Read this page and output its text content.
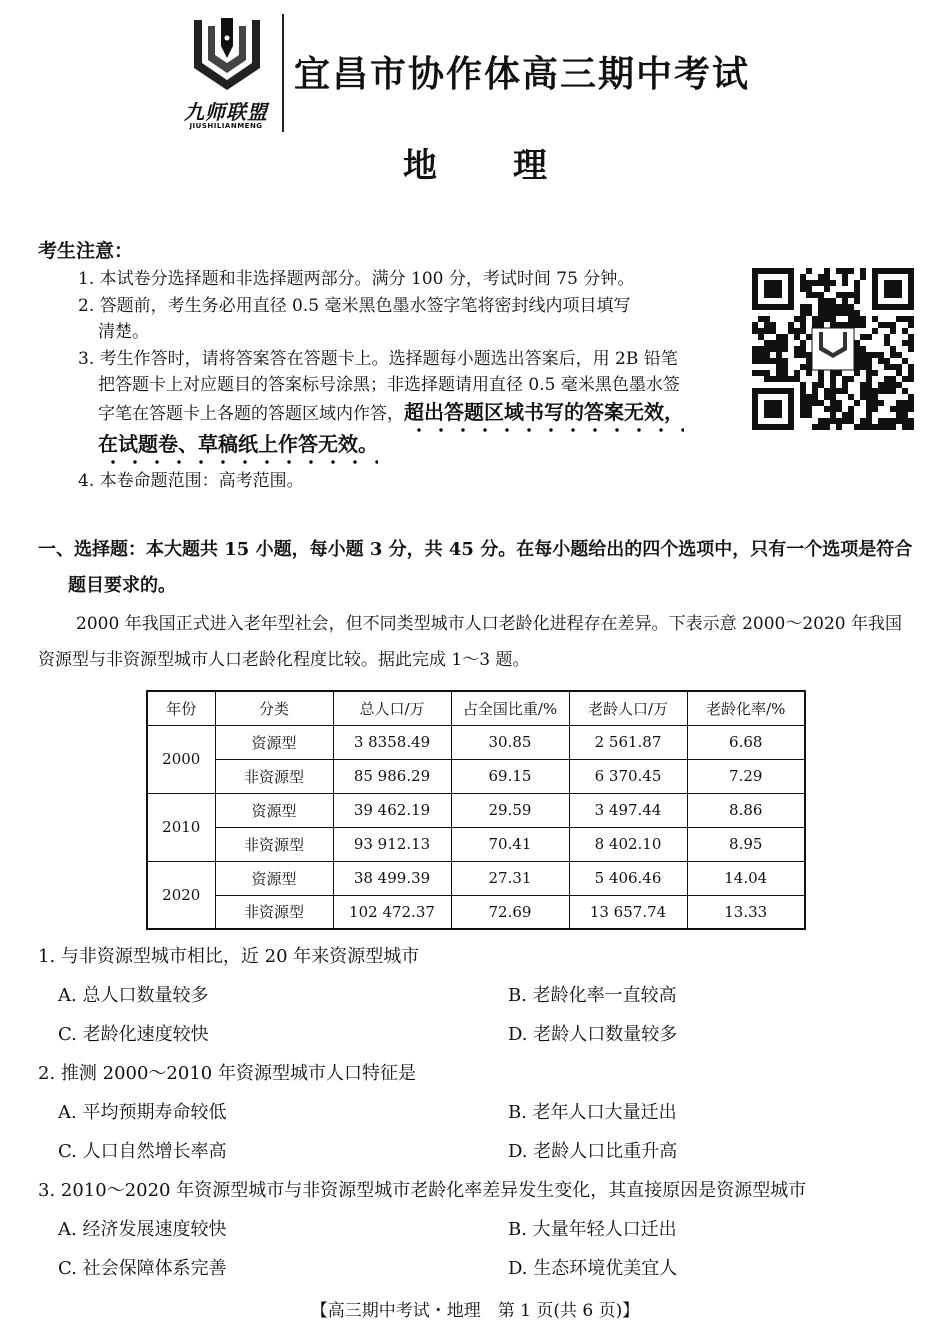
九师联盟
JIUSHILIANMENG
宜昌市协作体高三期中考试
地 理
考生注意：
1. 本试卷分选择题和非选择题两部分。满分 100 分，考试时间 75 分钟。
2. 答题前，考生务必用直径 0.5 毫米黑色墨水签字笔将密封线内项目填写
清楚。
3. 考生作答时，请将答案答在答题卡上。选择题每小题选出答案后，用 2B 铅笔
把答题卡上对应题目的答案标号涂黑；非选择题请用直径 0.5 毫米黑色墨水签
字笔在答题卡上各题的答题区域内作答，超出答题区域书写的答案无效，
在试题卷、草稿纸上作答无效。
4. 本卷命题范围：高考范围。
一、选择题：本大题共 15 小题，每小题 3 分，共 45 分。在每小题给出的四个选项中，只有一个选项是符合
题目要求的。
2000 年我国正式进入老年型社会，但不同类型城市人口老龄化进程存在差异。下表示意 2000～2020 年我国资源型与非资源型城市人口老龄化程度比较。据此完成 1～3 题。
年份	分类	总人口/万	占全国比重/%	老龄人口/万	老龄化率/%
2000	资源型	3 8358.49	30.85	2 561.87	6.68
	非资源型	85 986.29	69.15	6 370.45	7.29
2010	资源型	39 462.19	29.59	3 497.44	8.86
	非资源型	93 912.13	70.41	8 402.10	8.95
2020	资源型	38 499.39	27.31	5 406.46	14.04
	非资源型	102 472.37	72.69	13 657.74	13.33
1. 与非资源型城市相比，近 20 年来资源型城市
A. 总人口数量较多	B. 老龄化率一直较高
C. 老龄化速度较快	D. 老龄人口数量较多
2. 推测 2000～2010 年资源型城市人口特征是
A. 平均预期寿命较低	B. 老年人口大量迁出
C. 人口自然增长率高	D. 老龄人口比重升高
3. 2010～2020 年资源型城市与非资源型城市老龄化率差异发生变化，其直接原因是资源型城市
A. 经济发展速度较快	B. 大量年轻人口迁出
C. 社会保障体系完善	D. 生态环境优美宜人
【高三期中考试・地理　第 1 页(共 6 页)】
